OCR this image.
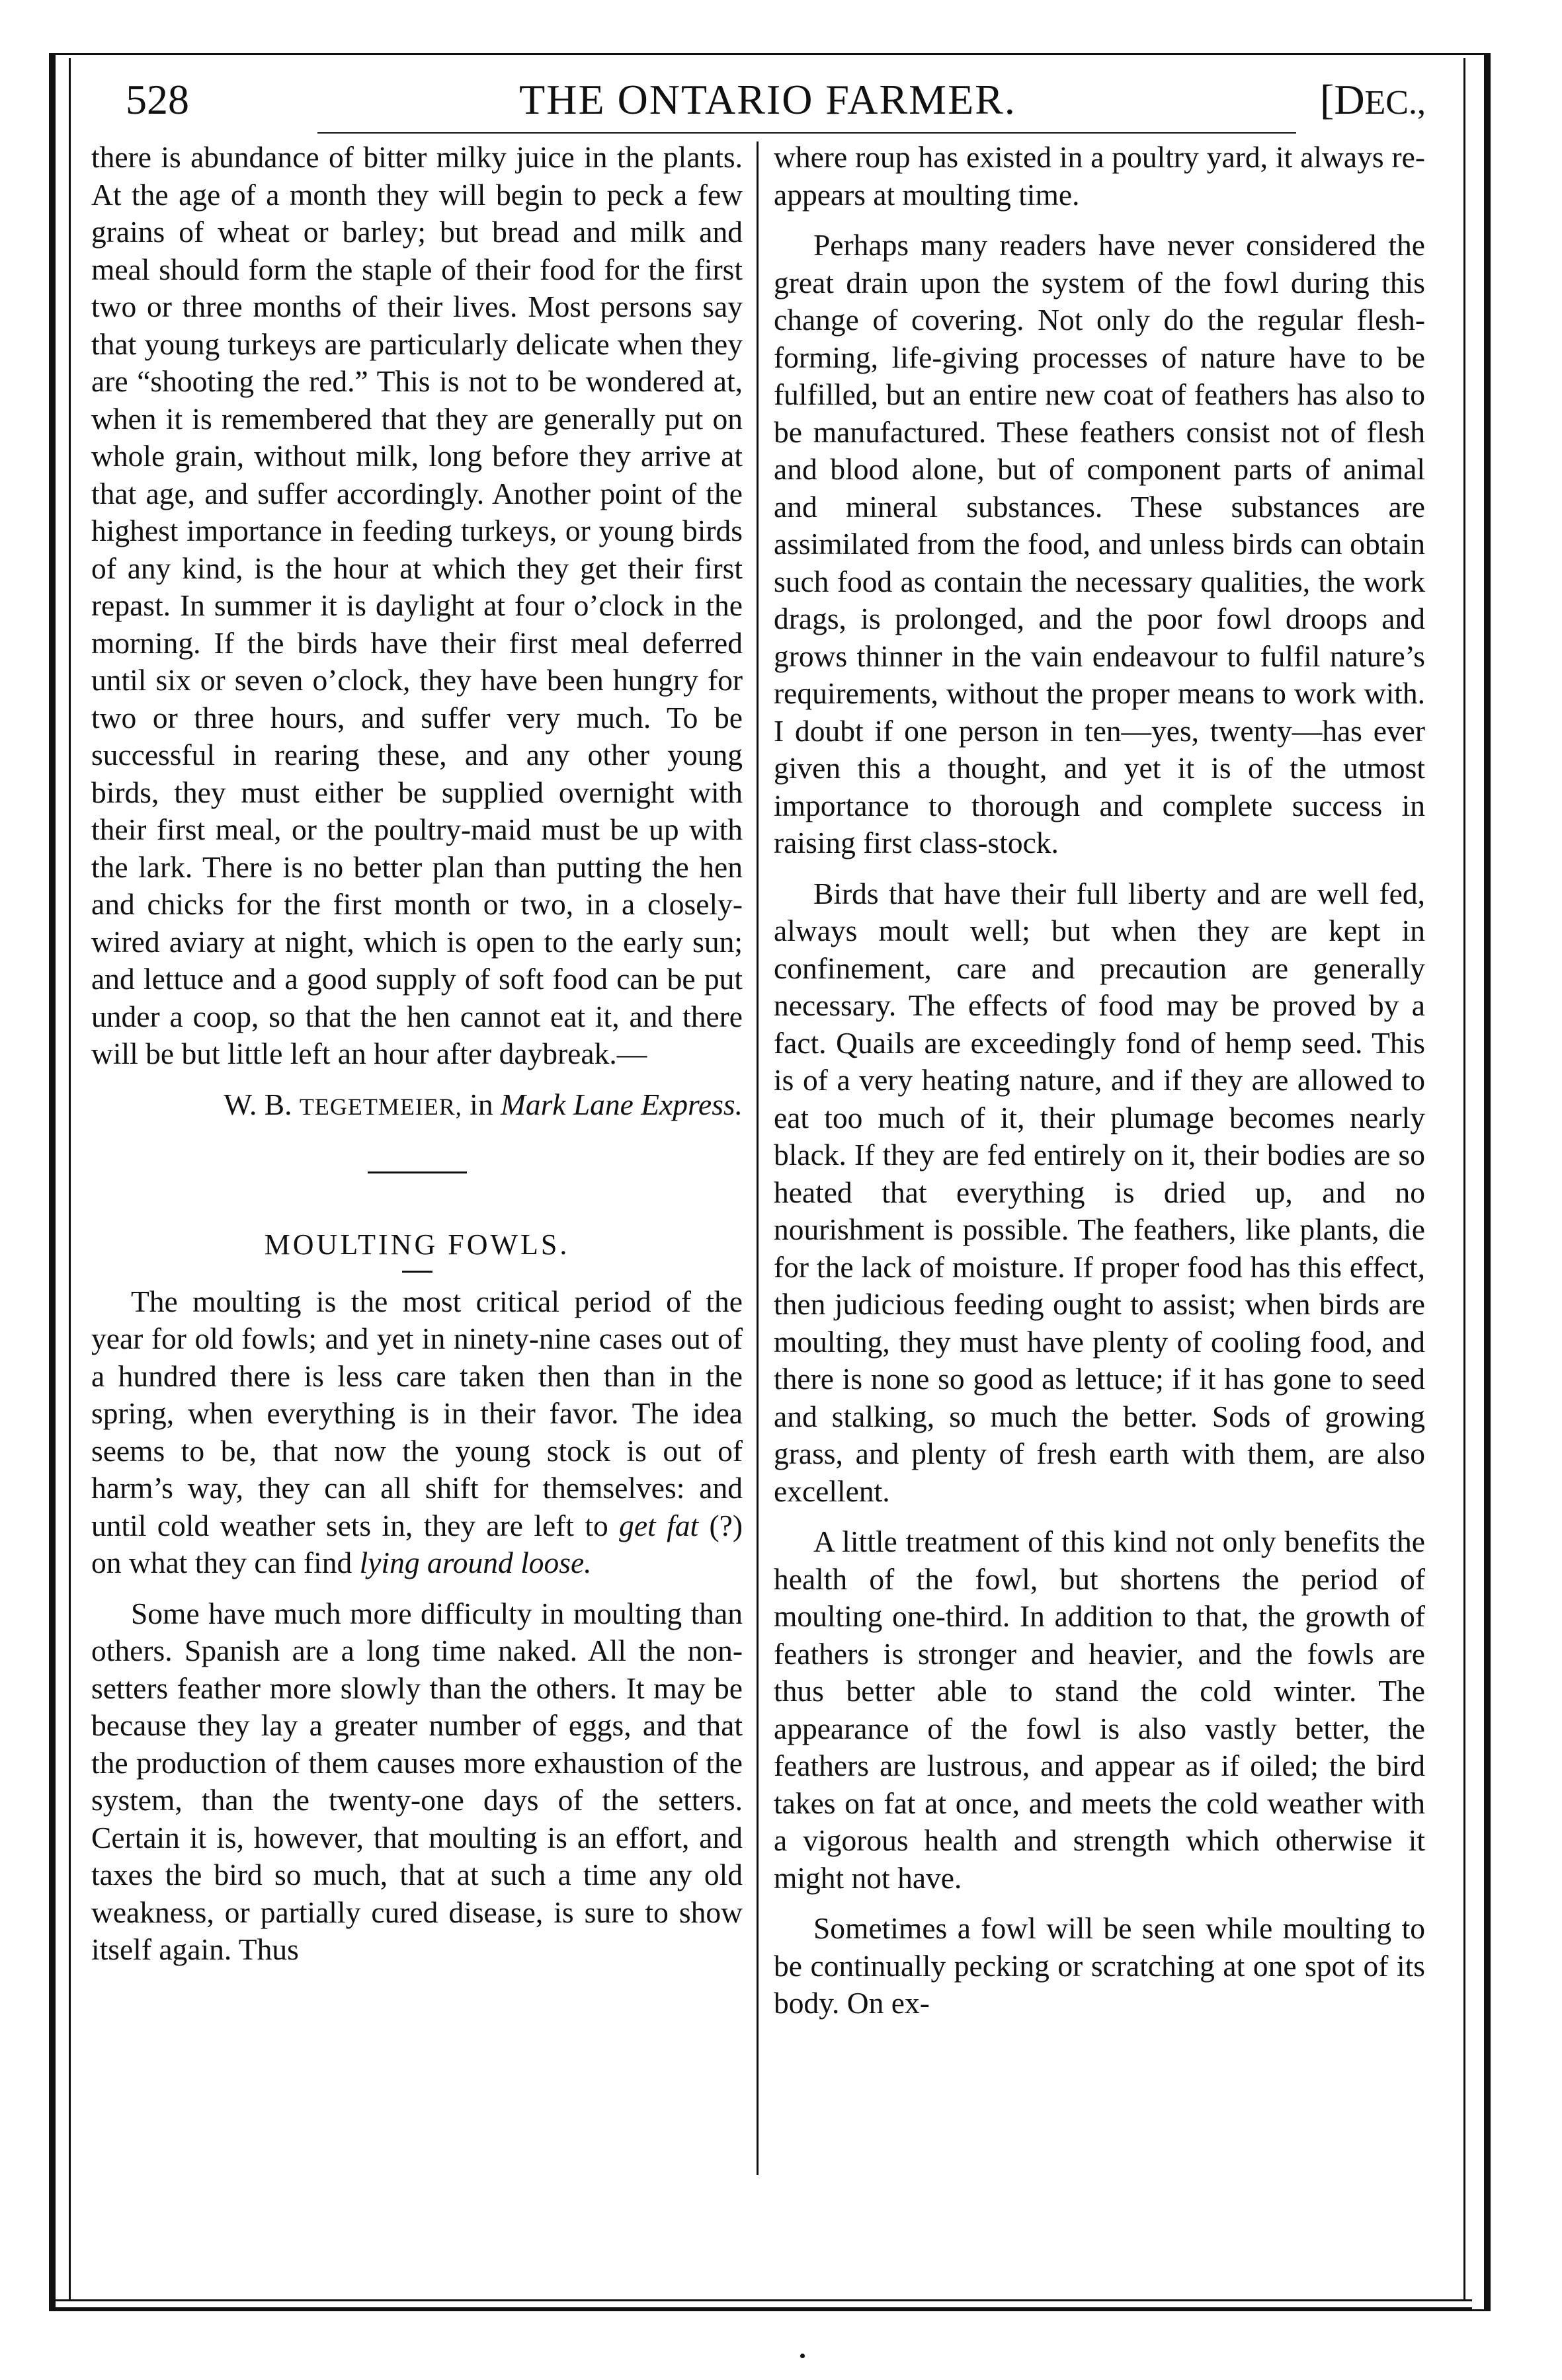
528	THE ONTARIO FARMER.	[DEC.,

there is abundance of bitter milky juice in the plants. At the age of a month they will begin to peck a few grains of wheat or barley; but bread and milk and meal should form the staple of their food for the first two or three months of their lives. Most persons say that young turkeys are particularly delicate when they are “shooting the red.” This is not to be wondered at, when it is remembered that they are generally put on whole grain, without milk, long before they arrive at that age, and suffer accordingly. Another point of the highest importance in feeding turkeys, or young birds of any kind, is the hour at which they get their first repast. In summer it is daylight at four o’clock in the morning. If the birds have their first meal deferred until six or seven o’clock, they have been hungry for two or three hours, and suffer very much. To be successful in rearing these, and any other young birds, they must either be supplied overnight with their first meal, or the poultry-maid must be up with the lark. There is no better plan than putting the hen and chicks for the first month or two, in a closely-wired aviary at night, which is open to the early sun; and lettuce and a good supply of soft food can be put under a coop, so that the hen cannot eat it, and there will be but little left an hour after daybreak.—

W. B. TEGETMEIER, in Mark Lane Express.

MOULTING FOWLS.

The moulting is the most critical period of the year for old fowls; and yet in ninety-nine cases out of a hundred there is less care taken then than in the spring, when everything is in their favor. The idea seems to be, that now the young stock is out of harm’s way, they can all shift for themselves: and until cold weather sets in, they are left to get fat (?) on what they can find lying around loose.

Some have much more difficulty in moulting than others. Spanish are a long time naked. All the non-setters feather more slowly than the others. It may be because they lay a greater number of eggs, and that the production of them causes more exhaustion of the system, than the twenty-one days of the setters. Certain it is, however, that moulting is an effort, and taxes the bird so much, that at such a time any old weakness, or partially cured disease, is sure to show itself again. Thus

where roup has existed in a poultry yard, it always re-appears at moulting time.

Perhaps many readers have never considered the great drain upon the system of the fowl during this change of covering. Not only do the regular flesh-forming, life-giving processes of nature have to be fulfilled, but an entire new coat of feathers has also to be manufactured. These feathers consist not of flesh and blood alone, but of component parts of animal and mineral substances. These substances are assimilated from the food, and unless birds can obtain such food as contain the necessary qualities, the work drags, is prolonged, and the poor fowl droops and grows thinner in the vain endeavour to fulfil nature’s requirements, without the proper means to work with. I doubt if one person in ten—yes, twenty—has ever given this a thought, and yet it is of the utmost importance to thorough and complete success in raising first class-stock.

Birds that have their full liberty and are well fed, always moult well; but when they are kept in confinement, care and precaution are generally necessary. The effects of food may be proved by a fact. Quails are exceedingly fond of hemp seed. This is of a very heating nature, and if they are allowed to eat too much of it, their plumage becomes nearly black. If they are fed entirely on it, their bodies are so heated that everything is dried up, and no nourishment is possible. The feathers, like plants, die for the lack of moisture. If proper food has this effect, then judicious feeding ought to assist; when birds are moulting, they must have plenty of cooling food, and there is none so good as lettuce; if it has gone to seed and stalking, so much the better. Sods of growing grass, and plenty of fresh earth with them, are also excellent.

A little treatment of this kind not only benefits the health of the fowl, but shortens the period of moulting one-third. In addition to that, the growth of feathers is stronger and heavier, and the fowls are thus better able to stand the cold winter. The appearance of the fowl is also vastly better, the feathers are lustrous, and appear as if oiled; the bird takes on fat at once, and meets the cold weather with a vigorous health and strength which otherwise it might not have.

Sometimes a fowl will be seen while moulting to be continually pecking or scratching at one spot of its body. On ex-
